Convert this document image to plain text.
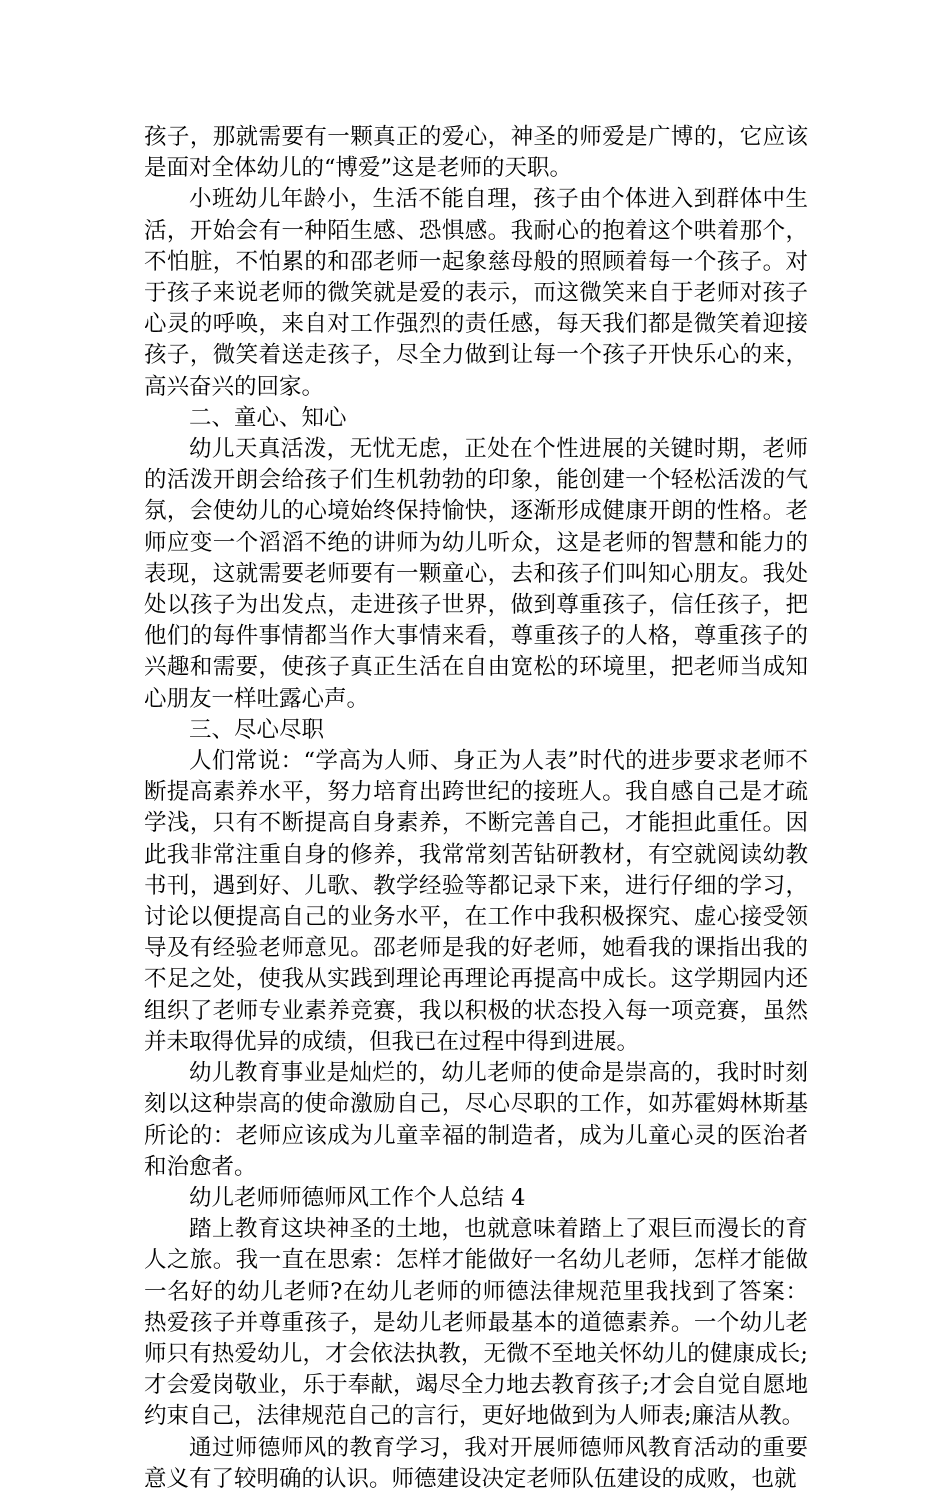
孩子，那就需要有一颗真正的爱心，神圣的师爱是广博的，它应该是面对全体幼儿的“博爱”这是老师的天职。

小班幼儿年龄小，生活不能自理，孩子由个体进入到群体中生活，开始会有一种陌生感、恐惧感。我耐心的抱着这个哄着那个，不怕脏，不怕累的和邵老师一起象慈母般的照顾着每一个孩子。对于孩子来说老师的微笑就是爱的表示，而这微笑来自于老师对孩子心灵的呼唤，来自对工作强烈的责任感，每天我们都是微笑着迎接孩子，微笑着送走孩子，尽全力做到让每一个孩子开快乐心的来，高兴奋兴的回家。

二、童心、知心

幼儿天真活泼，无忧无虑，正处在个性进展的关键时期，老师的活泼开朗会给孩子们生机勃勃的印象，能创建一个轻松活泼的气氛，会使幼儿的心境始终保持愉快，逐渐形成健康开朗的性格。老师应变一个滔滔不绝的讲师为幼儿听众，这是老师的智慧和能力的表现，这就需要老师要有一颗童心，去和孩子们叫知心朋友。我处处以孩子为出发点，走进孩子世界，做到尊重孩子，信任孩子，把他们的每件事情都当作大事情来看，尊重孩子的人格，尊重孩子的兴趣和需要，使孩子真正生活在自由宽松的环境里，把老师当成知心朋友一样吐露心声。

三、尽心尽职

人们常说：“学高为人师、身正为人表”时代的进步要求老师不断提高素养水平，努力培育出跨世纪的接班人。我自感自己是才疏学浅，只有不断提高自身素养，不断完善自己，才能担此重任。因此我非常注重自身的修养，我常常刻苦钻研教材，有空就阅读幼教书刊，遇到好、儿歌、教学经验等都记录下来，进行仔细的学习，讨论以便提高自己的业务水平，在工作中我积极探究、虚心接受领导及有经验老师意见。邵老师是我的好老师，她看我的课指出我的不足之处，使我从实践到理论再理论再提高中成长。这学期园内还组织了老师专业素养竞赛，我以积极的状态投入每一项竞赛，虽然并未取得优异的成绩，但我已在过程中得到进展。

幼儿教育事业是灿烂的，幼儿老师的使命是崇高的，我时时刻刻以这种崇高的使命激励自己，尽心尽职的工作，如苏霍姆林斯基所论的：老师应该成为儿童幸福的制造者，成为儿童心灵的医治者和治愈者。

幼儿老师师德师风工作个人总结 4

踏上教育这块神圣的土地，也就意味着踏上了艰巨而漫长的育人之旅。我一直在思索：怎样才能做好一名幼儿老师，怎样才能做一名好的幼儿老师?在幼儿老师的师德法律规范里我找到了答案：热爱孩子并尊重孩子，是幼儿老师最基本的道德素养。一个幼儿老师只有热爱幼儿，才会依法执教，无微不至地关怀幼儿的健康成长;才会爱岗敬业，乐于奉献，竭尽全力地去教育孩子;才会自觉自愿地约束自己，法律规范自己的言行，更好地做到为人师表;廉洁从教。

通过师德师风的教育学习，我对开展师德师风教育活动的重要意义有了较明确的认识。师德建设决定老师队伍建设的成败，也就
